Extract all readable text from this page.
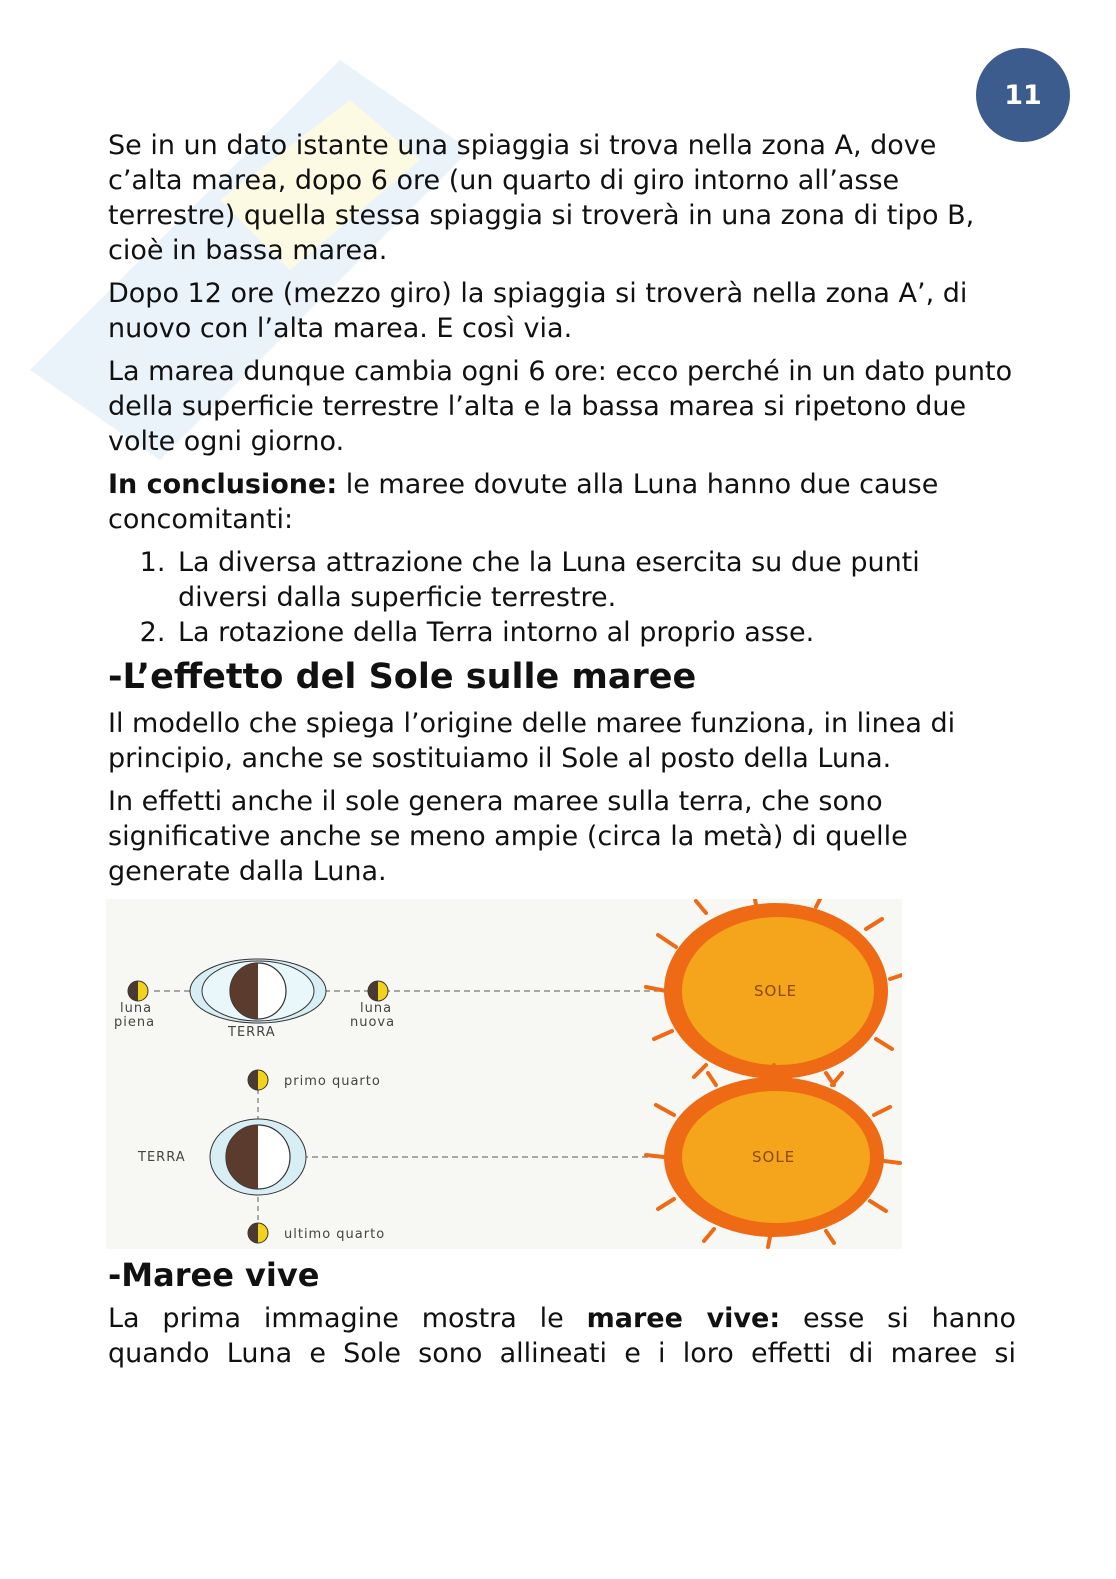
11

Se in un dato istante una spiaggia si trova nella zona A, dove c’alta marea, dopo 6 ore (un quarto di giro intorno all’asse terrestre) quella stessa spiaggia si troverà in una zona di tipo B, cioè in bassa marea.

Dopo 12 ore (mezzo giro) la spiaggia si troverà nella zona A’, di nuovo con l’alta marea. E così via.

La marea dunque cambia ogni 6 ore: ecco perché in un dato punto della superficie terrestre l’alta e la bassa marea si ripetono due volte ogni giorno.

In conclusione: le maree dovute alla Luna hanno due cause concomitanti:

1. La diversa attrazione che la Luna esercita su due punti diversi dalla superficie terrestre.
2. La rotazione della Terra intorno al proprio asse.
-L’effetto del Sole sulle maree

Il modello che spiega l’origine delle maree funziona, in linea di principio, anche se sostituiamo il Sole al posto della Luna.

In effetti anche il sole genera maree sulla terra, che sono significative anche se meno ampie (circa la metà) di quelle generate dalla Luna.

luna
piena
TERRA
luna
nuova
SOLE
primo quarto
TERRA
ultimo quarto
SOLE
-Maree vive

La prima immagine mostra le maree vive: esse si hanno

quando Luna e Sole sono allineati e i loro effetti di maree si
